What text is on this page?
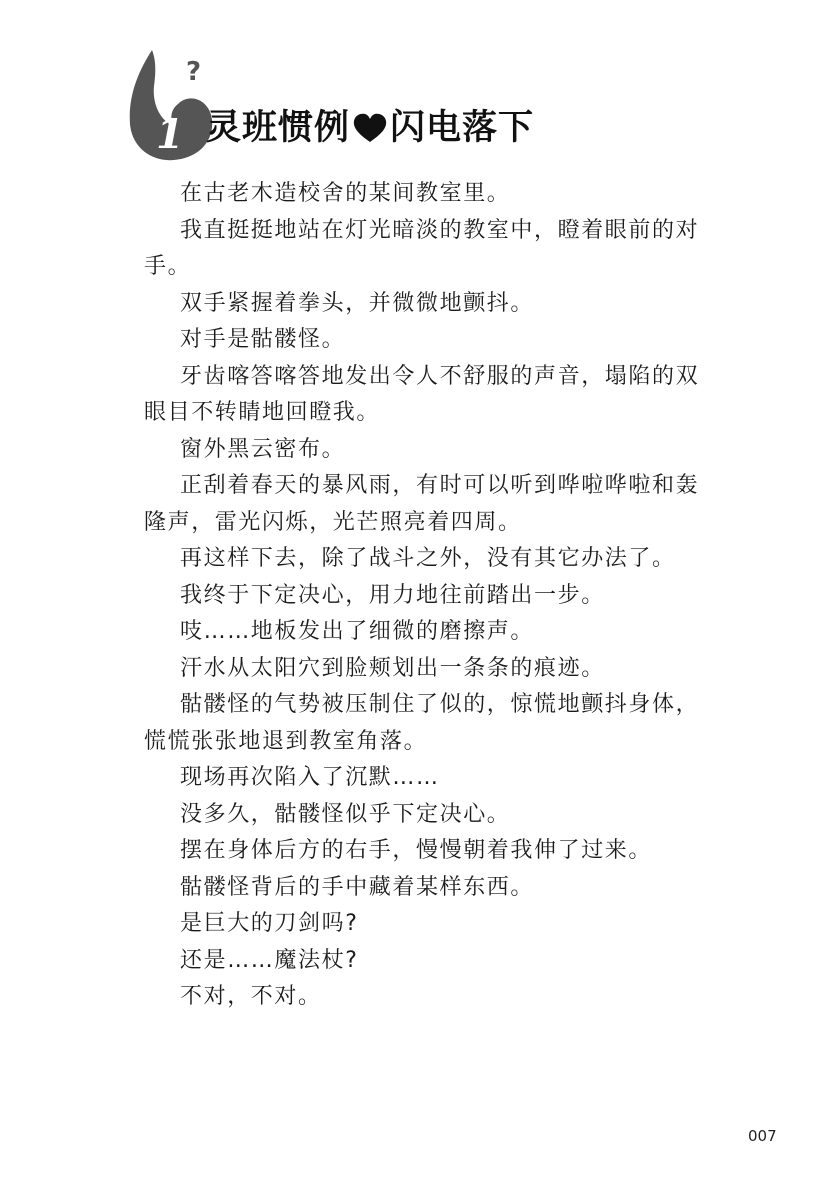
?
1 灵班惯例 闪电落下

在古老木造校舍的某间教室里。

我直挺挺地站在灯光暗淡的教室中，瞪着眼前的对手。

双手紧握着拳头，并微微地颤抖。

对手是骷髅怪。

牙齿喀答喀答地发出令人不舒服的声音，塌陷的双眼目不转睛地回瞪我。

窗外黑云密布。

正刮着春天的暴风雨，有时可以听到哗啦哗啦和轰隆声，雷光闪烁，光芒照亮着四周。

再这样下去，除了战斗之外，没有其它办法了。

我终于下定决心，用力地往前踏出一步。

吱……地板发出了细微的磨擦声。

汗水从太阳穴到脸颊划出一条条的痕迹。

骷髅怪的气势被压制住了似的，惊慌地颤抖身体，慌慌张张地退到教室角落。

现场再次陷入了沉默……

没多久，骷髅怪似乎下定决心。

摆在身体后方的右手，慢慢朝着我伸了过来。

骷髅怪背后的手中藏着某样东西。

是巨大的刀剑吗?

还是……魔法杖?

不对，不对。

007
